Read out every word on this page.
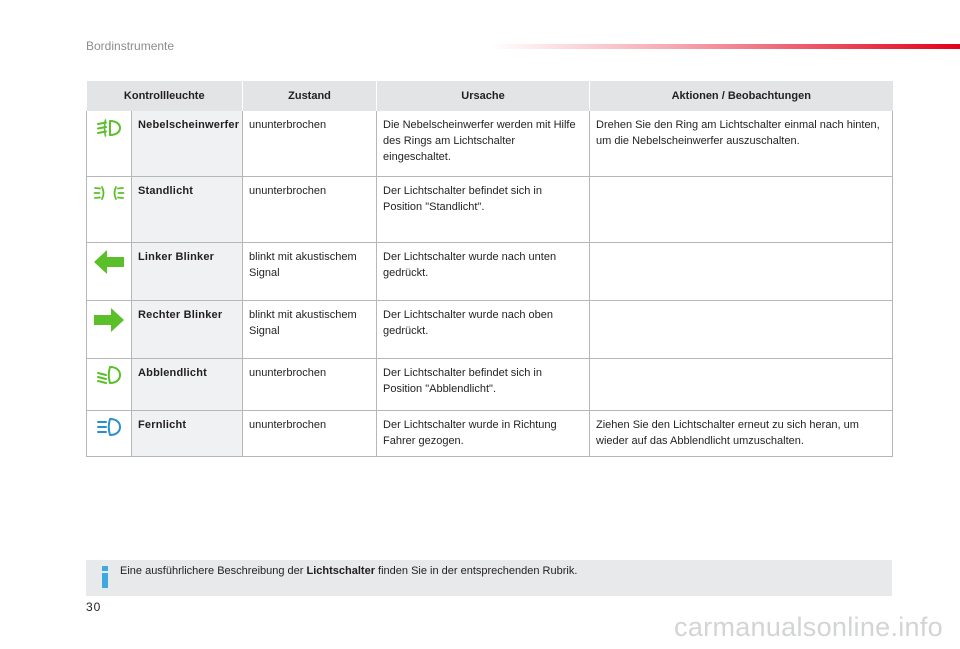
Bordinstrumente
Kontrollleuchte		Zustand	Ursache	Aktionen / Beobachtungen

	Nebelscheinwerfer	ununterbrochen	Die Nebelscheinwerfer werden mit Hilfe des Rings am Lichtschalter eingeschaltet.	Drehen Sie den Ring am Lichtschalter einmal nach hinten, um die Nebelscheinwerfer auszuschalten.

	Standlicht	ununterbrochen	Der Lichtschalter befindet sich in Position "Standlicht".	

	Linker Blinker	blinkt mit akustischem Signal	Der Lichtschalter wurde nach unten gedrückt.	

	Rechter Blinker	blinkt mit akustischem Signal	Der Lichtschalter wurde nach oben gedrückt.	

	Abblendlicht	ununterbrochen	Der Lichtschalter befindet sich in Position "Abblendlicht".	

	Fernlicht	ununterbrochen	Der Lichtschalter wurde in Richtung Fahrer gezogen.	Ziehen Sie den Lichtschalter erneut zu sich heran, um wieder auf das Abblendlicht umzuschalten.
Eine ausführlichere Beschreibung der Lichtschalter finden Sie in der entsprechenden Rubrik.
30
carmanualsonline.info
